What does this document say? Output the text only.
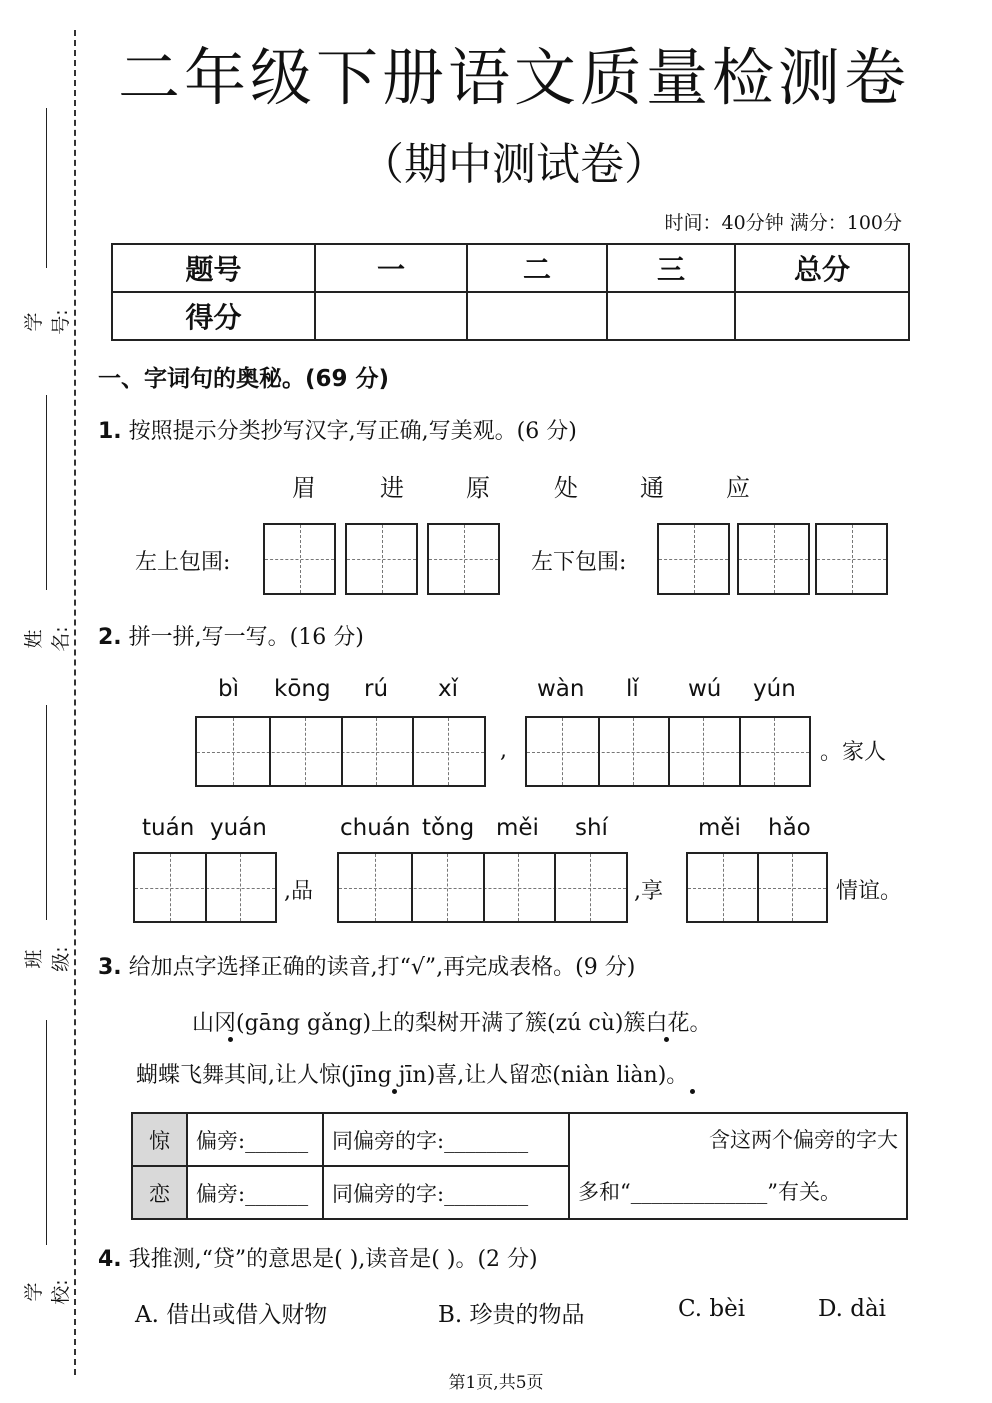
学号:
姓名:
班级:
学校:
二年级下册语文质量检测卷
（期中测试卷）
时间：40分钟 满分：100分
题号	一	二	三	总分
得分				
一、字词句的奥秘。(69 分)
1. 按照提示分类抄写汉字,写正确,写美观。(6 分)
眉	进	原	处	通	应
左上包围:	左下包围:
2. 拼一拼,写一写。(16 分)
bì kōng rú xǐ	wàn lǐ wú yún
,	。家人
tuán yuán	chuán tǒng měi shí	měi hǎo
,品	,享	情谊。
3. 给加点字选择正确的读音,打“√”,再完成表格。(9 分)
山冈(gāng gǎng)上的梨树开满了簇(zú cù)簇白花。
蝴蝶飞舞其间,让人惊(jīng jīn)喜,让人留恋(niàn liàn)。
惊	偏旁:______	同偏旁的字:________	含这两个偏旁的字大
多和“_____________”有关。

恋	偏旁:______	同偏旁的字:________	
4. 我推测,“贷”的意思是( ),读音是( )。(2 分)
A. 借出或借入财物	B. 珍贵的物品	C. bèi	D. dài
第1页,共5页
